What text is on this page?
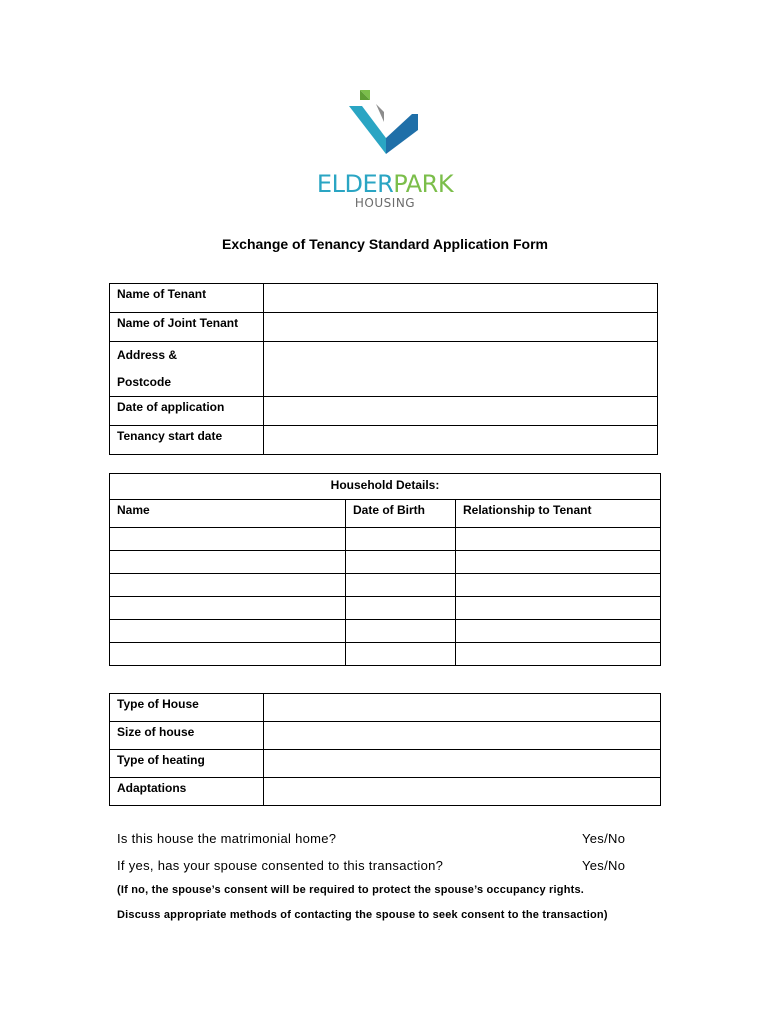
ELDERPARK
HOUSING
Exchange of Tenancy Standard Application Form
Name of Tenant	
Name of Joint Tenant	
Address &
Postcode	
Date of application	
Tenancy start date	
Household Details:		
Name	Date of Birth	Relationship to Tenant

Type of House	
Size of house	
Type of heating	
Adaptations	
Is this house the matrimonial home?	Yes/No
If yes, has your spouse consented to this transaction?	Yes/No
(If no, the spouse’s consent will be required to protect the spouse’s occupancy rights.
Discuss appropriate methods of contacting the spouse to seek consent to the transaction)
